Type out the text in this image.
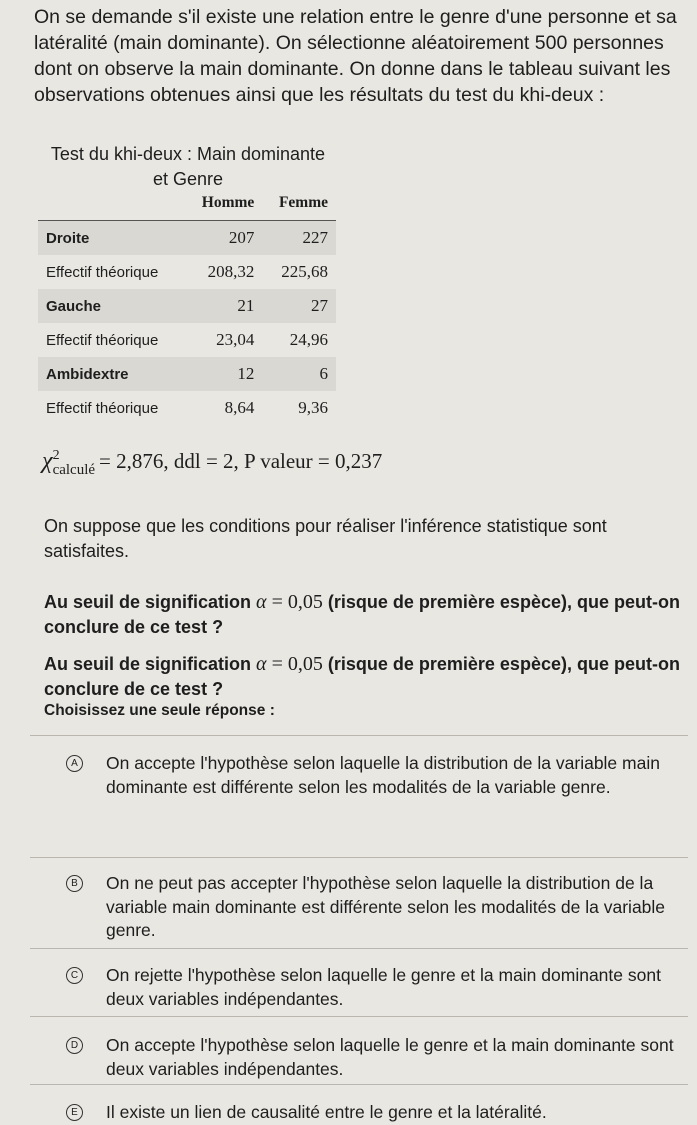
On se demande s'il existe une relation entre le genre d'une personne et sa latéralité (main dominante). On sélectionne aléatoirement 500 personnes dont on observe la main dominante. On donne dans le tableau suivant les observations obtenues ainsi que les résultats du test du khi-deux :

Test du khi-deux : Main dominante
et Genre
	Homme	Femme
Droite	207	227
Effectif théorique	208,32	225,68
Gauche	21	27
Effectif théorique	23,04	24,96
Ambidextre	12	6
Effectif théorique	8,64	9,36
χ 2
calculé = 2,876, ddl = 2, P valeur = 0,237

On suppose que les conditions pour réaliser l'inférence statistique sont satisfaites.

Au seuil de signiﬁcation α = 0,05 (risque de première espèce), que peut-on conclure de ce test ?

Au seuil de signiﬁcation α = 0,05 (risque de première espèce), que peut-on conclure de ce test ?

Choisissez une seule réponse :
A On accepte l'hypothèse selon laquelle la distribution de la variable main dominante est différente selon les modalités de la variable genre.

B On ne peut pas accepter l'hypothèse selon laquelle la distribution de la variable main dominante est différente selon les modalités de la variable genre.

C On rejette l'hypothèse selon laquelle le genre et la main dominante sont deux variables indépendantes.

D On accepte l'hypothèse selon laquelle le genre et la main dominante sont deux variables indépendantes.

E Il existe un lien de causalité entre le genre et la latéralité.
